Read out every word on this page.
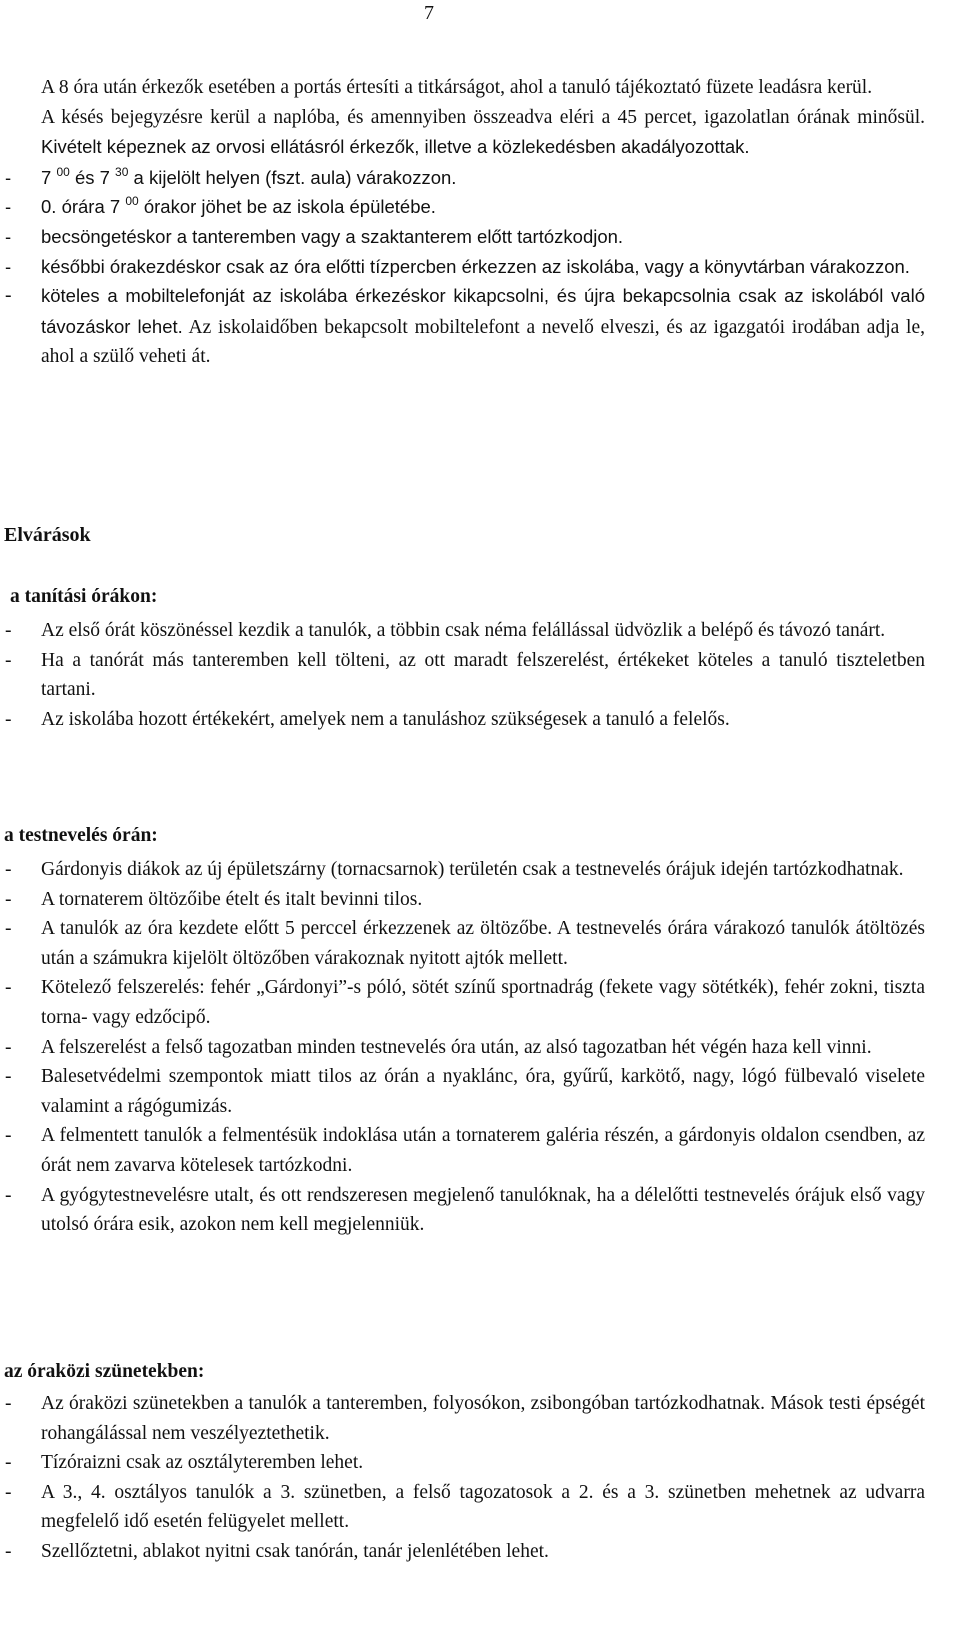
7

A 8 óra után érkezők esetében a portás értesíti a titkárságot, ahol a tanuló tájékoztató füzete leadásra kerül.

A késés bejegyzésre kerül a naplóba, és amennyiben összeadva eléri a 45 percet, igazolatlan órának minősül. Kivételt képeznek az orvosi ellátásról érkezők, illetve a közlekedésben akadályozottak.

- 7 $^{00}$ és 7 $^{30}$ a kijelölt helyen (fszt. aula) várakozzon.
- 0. órára 7 $^{00}$ órakor jöhet be az iskola épületébe.
- becsöngetéskor a tanteremben vagy a szaktanterem előtt tartózkodjon.
- későbbi órakezdéskor csak az óra előtti tízpercben érkezzen az iskolába, vagy a könyvtárban várakozzon.
- köteles a mobiltelefonját az iskolába érkezéskor kikapcsolni, és újra bekapcsolnia csak az iskolából való távozáskor lehet. Az iskolaidőben bekapcsolt mobiltelefont a nevelő elveszi, és az igazgatói irodában adja le, ahol a szülő veheti át.
Elvárások
a tanítási órákon:
- Az első órát köszönéssel kezdik a tanulók, a többin csak néma felállással üdvözlik a belépő és távozó tanárt.
- Ha a tanórát más tanteremben kell tölteni, az ott maradt felszerelést, értékeket köteles a tanuló tiszteletben tartani.
- Az iskolába hozott értékekért, amelyek nem a tanuláshoz szükségesek a tanuló a felelős.
a testnevelés órán:
- Gárdonyis diákok az új épületszárny (tornacsarnok) területén csak a testnevelés órájuk idején tartózkodhatnak.
- A tornaterem öltözőibe ételt és italt bevinni tilos.
- A tanulók az óra kezdete előtt 5 perccel érkezzenek az öltözőbe. A testnevelés órára várakozó tanulók átöltözés után a számukra kijelölt öltözőben várakoznak nyitott ajtók mellett.
- Kötelező felszerelés: fehér „Gárdonyi”-s póló, sötét színű sportnadrág (fekete vagy sötétkék), fehér zokni, tiszta torna- vagy edzőcipő.
- A felszerelést a felső tagozatban minden testnevelés óra után, az alsó tagozatban hét végén haza kell vinni.
- Balesetvédelmi szempontok miatt tilos az órán a nyaklánc, óra, gyűrű, karkötő, nagy, lógó fülbevaló viselete valamint a rágógumizás.
- A felmentett tanulók a felmentésük indoklása után a tornaterem galéria részén, a gárdonyis oldalon csendben, az órát nem zavarva kötelesek tartózkodni.
- A gyógytestnevelésre utalt, és ott rendszeresen megjelenő tanulóknak, ha a délelőtti testnevelés órájuk első vagy utolsó órára esik, azokon nem kell megjelenniük.
az óraközi szünetekben:
- Az óraközi szünetekben a tanulók a tanteremben, folyosókon, zsibongóban tartózkodhatnak. Mások testi épségét rohangálással nem veszélyeztethetik.
- Tízóraizni csak az osztályteremben lehet.
- A 3., 4. osztályos tanulók a 3. szünetben, a felső tagozatosok a 2. és a 3. szünetben mehetnek az udvarra megfelelő idő esetén felügyelet mellett.
- Szellőztetni, ablakot nyitni csak tanórán, tanár jelenlétében lehet.
